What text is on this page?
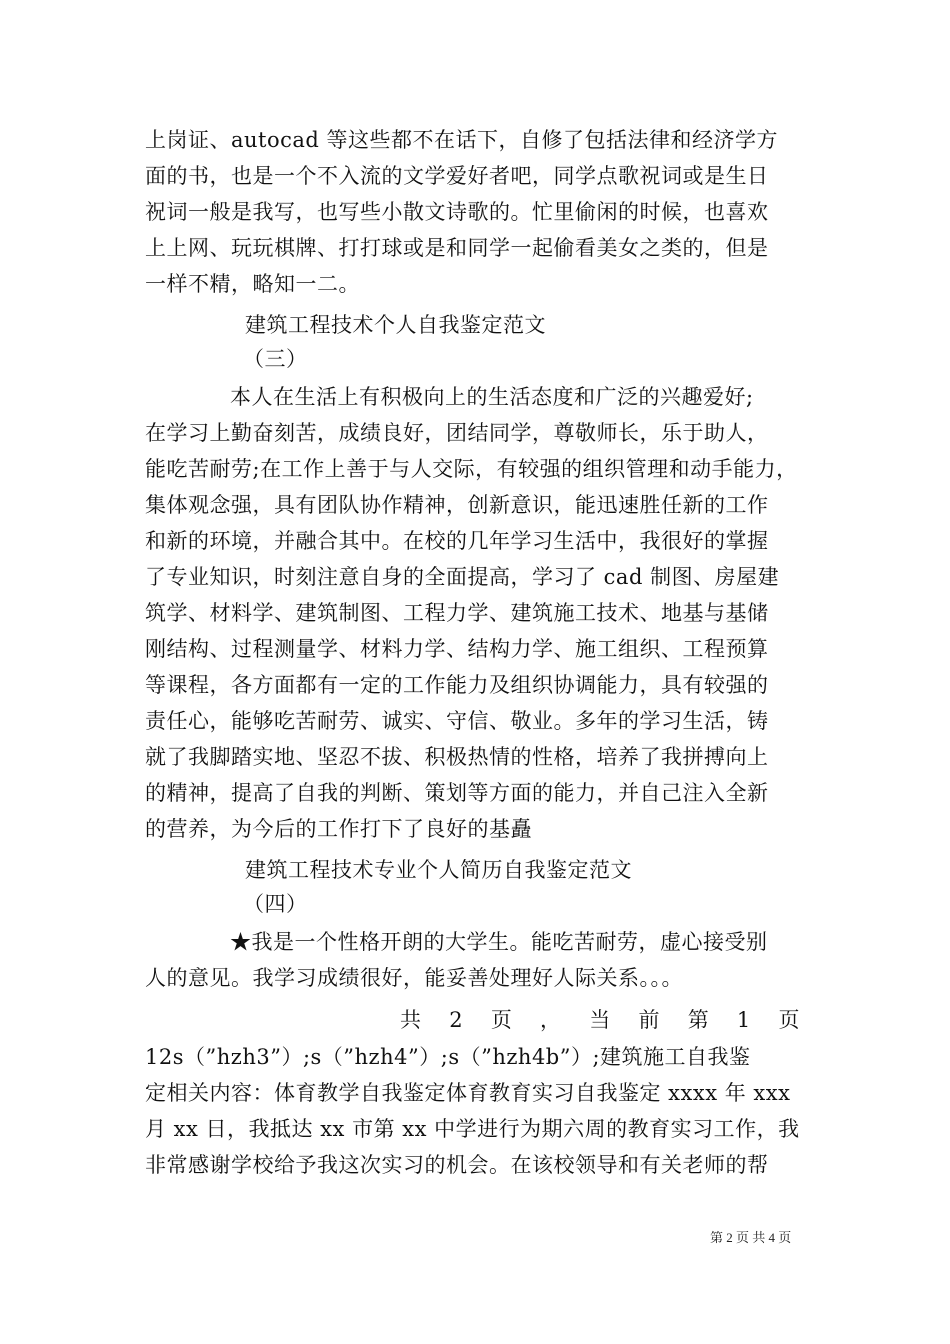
上岗证、autocad 等这些都不在话下，自修了包括法律和经济学方
面的书，也是一个不入流的文学爱好者吧，同学点歌祝词或是生日
祝词一般是我写，也写些小散文诗歌的。忙里偷闲的时候，也喜欢
上上网、玩玩棋牌、打打球或是和同学一起偷看美女之类的，但是
一样不精，略知一二。
建筑工程技术个人自我鉴定范文
（三）
本人在生活上有积极向上的生活态度和广泛的兴趣爱好;
在学习上勤奋刻苦，成绩良好，团结同学，尊敬师长，乐于助人，
能吃苦耐劳;在工作上善于与人交际，有较强的组织管理和动手能力，
集体观念强，具有团队协作精神，创新意识，能迅速胜任新的工作
和新的环境，并融合其中。在校的几年学习生活中，我很好的掌握
了专业知识，时刻注意自身的全面提高，学习了 cad 制图、房屋建
筑学、材料学、建筑制图、工程力学、建筑施工技术、地基与基储
刚结构、过程测量学、材料力学、结构力学、施工组织、工程预算
等课程，各方面都有一定的工作能力及组织协调能力，具有较强的
责任心，能够吃苦耐劳、诚实、守信、敬业。多年的学习生活，铸
就了我脚踏实地、坚忍不拔、积极热情的性格，培养了我拼搏向上
的精神，提高了自我的判断、策划等方面的能力，并自己注入全新
的营养，为今后的工作打下了良好的基矗
建筑工程技术专业个人简历自我鉴定范文
（四）
★我是一个性格开朗的大学生。能吃苦耐劳，虚心接受别
人的意见。我学习成绩很好，能妥善处理好人际关系。。。
共 2 页 ， 当 前 第 1 页
12s（”hzh3”）;s（”hzh4”）;s（”hzh4b”）;建筑施工自我鉴
定相关内容：体育教学自我鉴定体育教育实习自我鉴定 xxxx 年 xxx
月 xx 日，我抵达 xx 市第 xx 中学进行为期六周的教育实习工作，我
非常感谢学校给予我这次实习的机会。在该校领导和有关老师的帮
第 2 页 共 4 页
